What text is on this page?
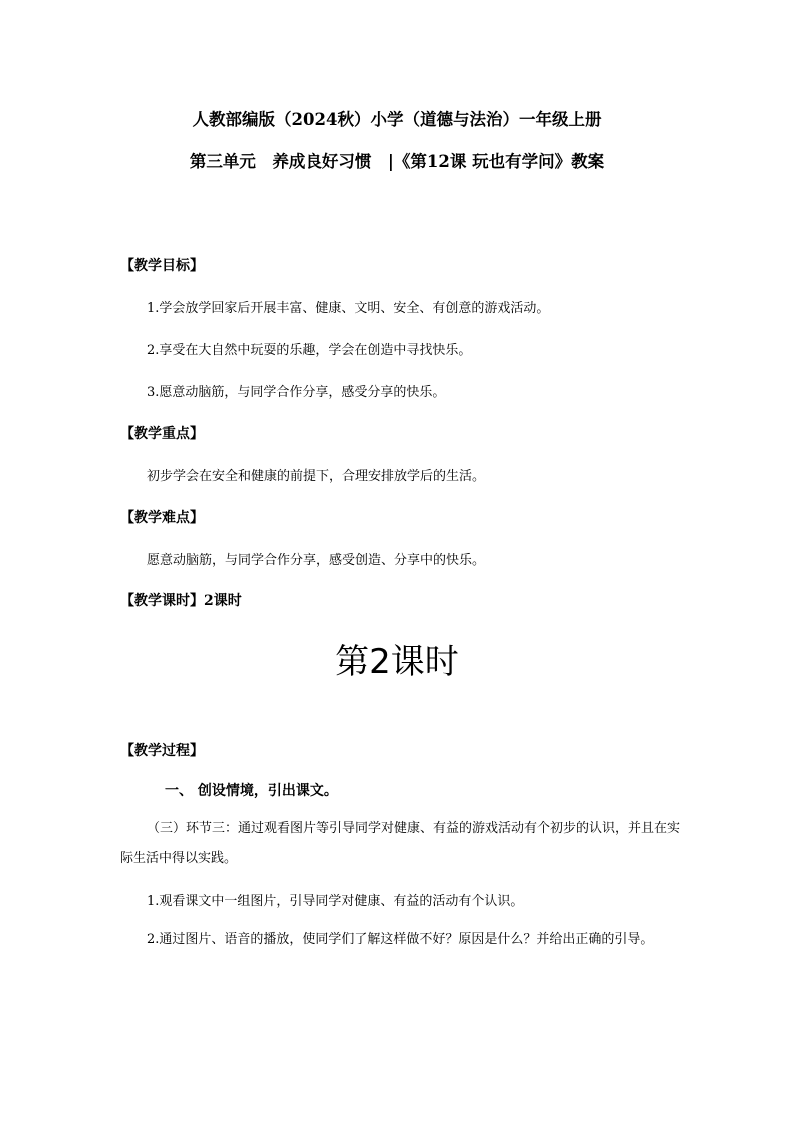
人教部编版（2024秋）小学（道德与法治）一年级上册
第三单元　养成良好习惯　|《第12课 玩也有学问》教案
【教学目标】
1.学会放学回家后开展丰富、健康、文明、安全、有创意的游戏活动。
2.享受在大自然中玩耍的乐趣，学会在创造中寻找快乐。
3.愿意动脑筋，与同学合作分享，感受分享的快乐。
【教学重点】
初步学会在安全和健康的前提下，合理安排放学后的生活。
【教学难点】
愿意动脑筋，与同学合作分享，感受创造、分享中的快乐。
【教学课时】2课时
第2课时
【教学过程】
一、 创设情境，引出课文。
（三）环节三：通过观看图片等引导同学对健康、有益的游戏活动有个初步的认识，并且在实际生活中得以实践。
1.观看课文中一组图片，引导同学对健康、有益的活动有个认识。
2.通过图片、语音的播放，使同学们了解这样做不好？原因是什么？并给出正确的引导。
